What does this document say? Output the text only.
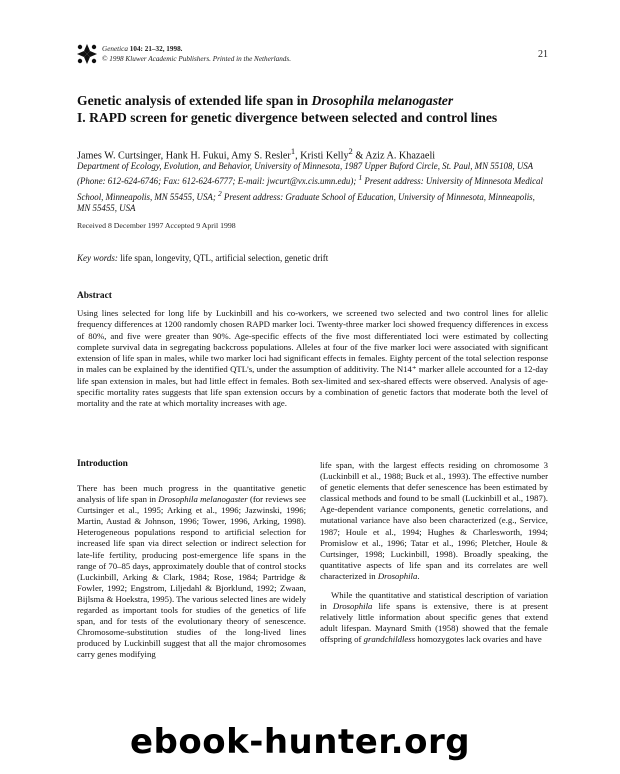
Genetica 104: 21–32, 1998.
© 1998 Kluwer Academic Publishers. Printed in the Netherlands.	21
Genetic analysis of extended life span in Drosophila melanogaster
I. RAPD screen for genetic divergence between selected and control lines
James W. Curtsinger, Hank H. Fukui, Amy S. Resler$^1$, Kristi Kelly$^2$ & Aziz A. Khazaeli
Department of Ecology, Evolution, and Behavior, University of Minnesota, 1987 Upper Buford Circle, St. Paul, MN 55108, USA (Phone: 612-624-6746; Fax: 612-624-6777; E-mail: jwcurt@vx.cis.umn.edu); $^1$ Present address: University of Minnesota Medical School, Minneapolis, MN 55455, USA; $^2$ Present address: Graduate School of Education, University of Minnesota, Minneapolis, MN 55455, USA
Received 8 December 1997 Accepted 9 April 1998
Key words: life span, longevity, QTL, artificial selection, genetic drift
Abstract
Using lines selected for long life by Luckinbill and his co-workers, we screened two selected and two control lines for allelic frequency differences at 1200 randomly chosen RAPD marker loci. Twenty-three marker loci showed frequency differences in excess of 80%, and five were greater than 90%. Age-specific effects of the five most differentiated loci were estimated by collecting complete survival data in segregating backcross populations. Alleles at four of the five marker loci were associated with significant extension of life span in males, while two marker loci had significant effects in females. Eighty percent of the total selection response in males can be explained by the identified QTL's, under the assumption of additivity. The N14⁺ marker allele accounted for a 12-day life span extension in males, but had little effect in females. Both sex-limited and sex-shared effects were observed. Analysis of age-specific mortality rates suggests that life span extension occurs by a combination of genetic factors that moderate both the level of mortality and the rate at which mortality increases with age.
Introduction

There has been much progress in the quantitative genetic analysis of life span in Drosophila melanogaster (for reviews see Curtsinger et al., 1995; Arking et al., 1996; Jazwinski, 1996; Martin, Austad & Johnson, 1996; Tower, 1996, Arking, 1998). Heterogeneous populations respond to artificial selection for increased life span via direct selection or indirect selection for late-life fertility, producing post-emergence life spans in the range of 70–85 days, approximately double that of control stocks (Luckinbill, Arking & Clark, 1984; Rose, 1984; Partridge & Fowler, 1992; Engstrom, Liljedahl & Bjorklund, 1992; Zwaan, Bijlsma & Hoekstra, 1995). The various selected lines are widely regarded as important tools for studies of the genetics of life span, and for tests of the evolutionary theory of senescence. Chromosome-substitution studies of the long-lived lines produced by Luckinbill suggest that all the major chromosomes carry genes modifying

life span, with the largest effects residing on chromosome 3 (Luckinbill et al., 1988; Buck et al., 1993). The effective number of genetic elements that defer senescence has been estimated by classical methods and found to be small (Luckinbill et al., 1987). Age-dependent variance components, genetic correlations, and mutational variance have also been characterized (e.g., Service, 1987; Houle et al., 1994; Hughes & Charlesworth, 1994; Promislow et al., 1996; Tatar et al., 1996; Pletcher, Houle & Curtsinger, 1998; Luckinbill, 1998). Broadly speaking, the quantitative aspects of life span and its correlates are well characterized in Drosophila.

While the quantitative and statistical description of variation in Drosophila life spans is extensive, there is at present relatively little information about specific genes that extend adult lifespan. Maynard Smith (1958) showed that the female offspring of grandchildless homozygotes lack ovaries and have

ebook-hunter.org
